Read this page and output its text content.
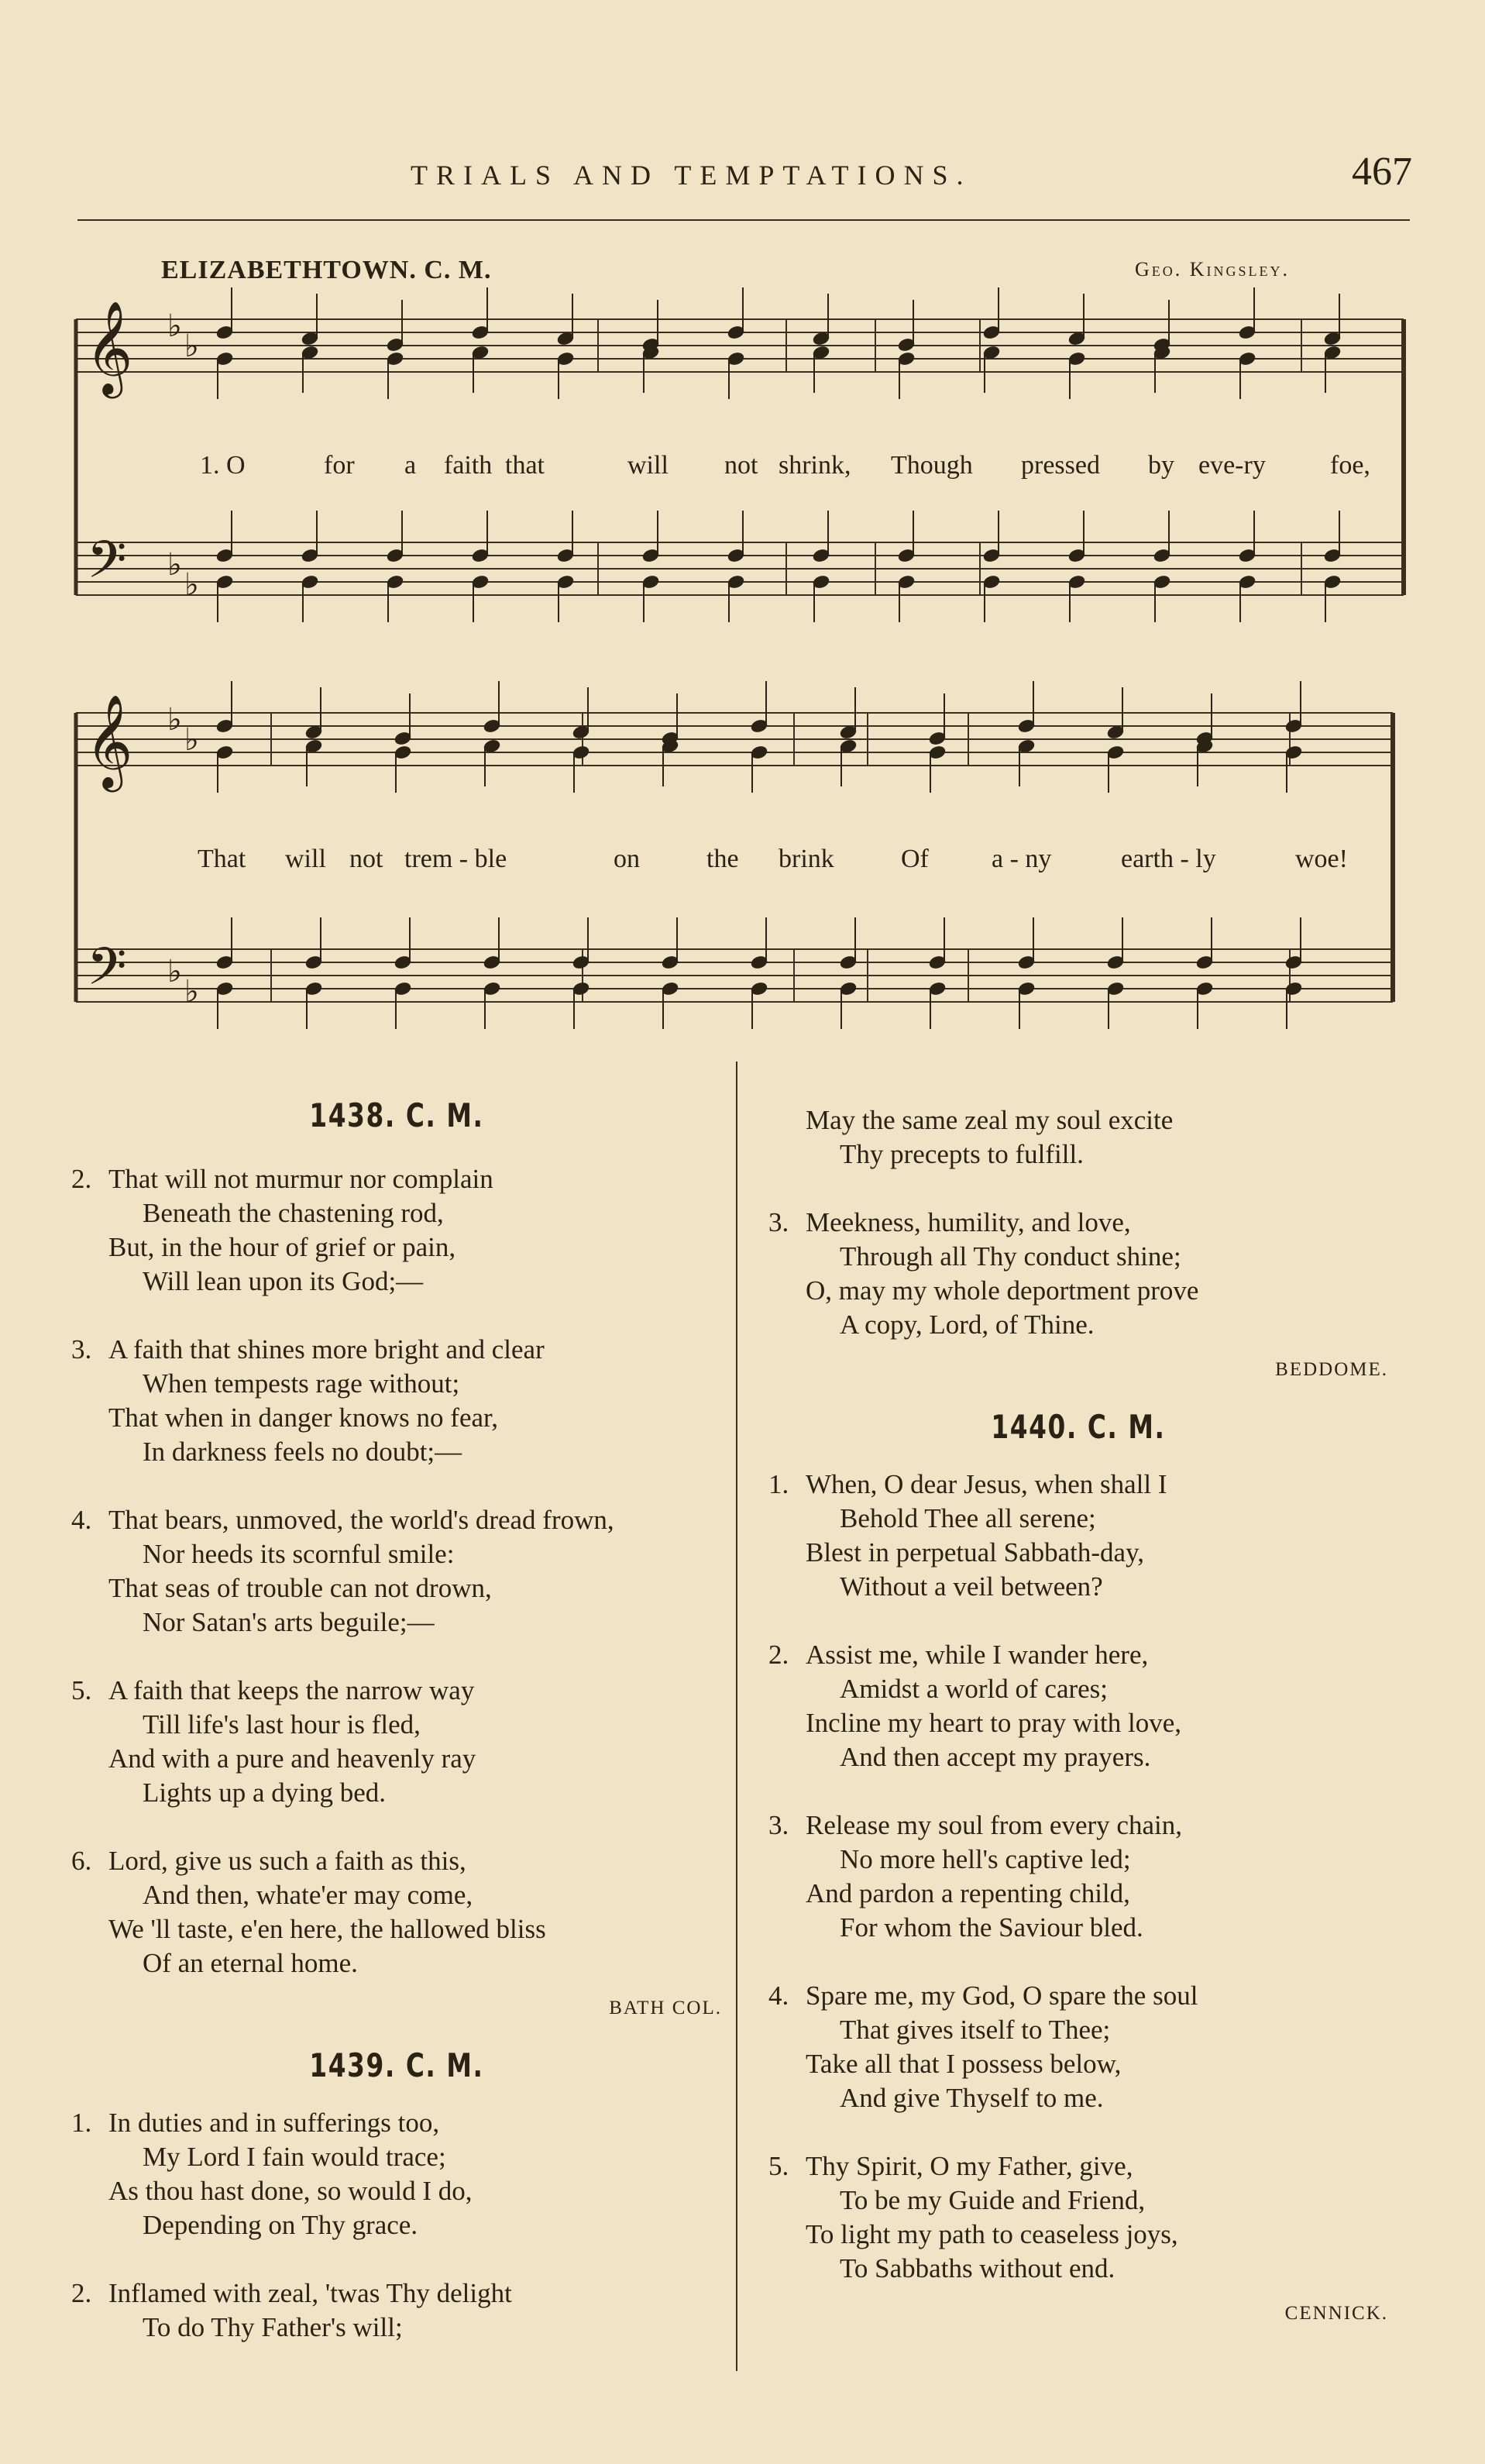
TRIALS AND TEMPTATIONS.	467
ELIZABETHTOWN. C. M.	Geo. Kingsley.
𝄞
𝄢
♭
♭
♭
♭
𝄞
𝄢
♭
♭
♭
♭
1. O	for a faith that	will not shrink, Though pressed by eve-ry foe,
That will not trem - ble	on	the brink	Of a - ny	earth - ly	woe!
1438. C. M.
2. That will not murmur nor complain
Beneath the chastening rod,
But, in the hour of grief or pain,
Will lean upon its God;—
3. A faith that shines more bright and clear
When tempests rage without;
That when in danger knows no fear,
In darkness feels no doubt;—
4. That bears, unmoved, the world's dread frown,
Nor heeds its scornful smile:
That seas of trouble can not drown,
Nor Satan's arts beguile;—
5. A faith that keeps the narrow way
Till life's last hour is fled,
And with a pure and heavenly ray
Lights up a dying bed.
6. Lord, give us such a faith as this,
And then, whate'er may come,
We 'll taste, e'en here, the hallowed bliss
Of an eternal home.
BATH COL.
1439. C. M.
1. In duties and in sufferings too,
My Lord I fain would trace;
As thou hast done, so would I do,
Depending on Thy grace.
2. Inflamed with zeal, 'twas Thy delight
To do Thy Father's will;
May the same zeal my soul excite
Thy precepts to fulfill.
3. Meekness, humility, and love,
Through all Thy conduct shine;
O, may my whole deportment prove
A copy, Lord, of Thine.
BEDDOME.
1440. C. M.
1. When, O dear Jesus, when shall I
Behold Thee all serene;
Blest in perpetual Sabbath-day,
Without a veil between?
2. Assist me, while I wander here,
Amidst a world of cares;
Incline my heart to pray with love,
And then accept my prayers.
3. Release my soul from every chain,
No more hell's captive led;
And pardon a repenting child,
For whom the Saviour bled.
4. Spare me, my God, O spare the soul
That gives itself to Thee;
Take all that I possess below,
And give Thyself to me.
5. Thy Spirit, O my Father, give,
To be my Guide and Friend,
To light my path to ceaseless joys,
To Sabbaths without end.
CENNICK.
